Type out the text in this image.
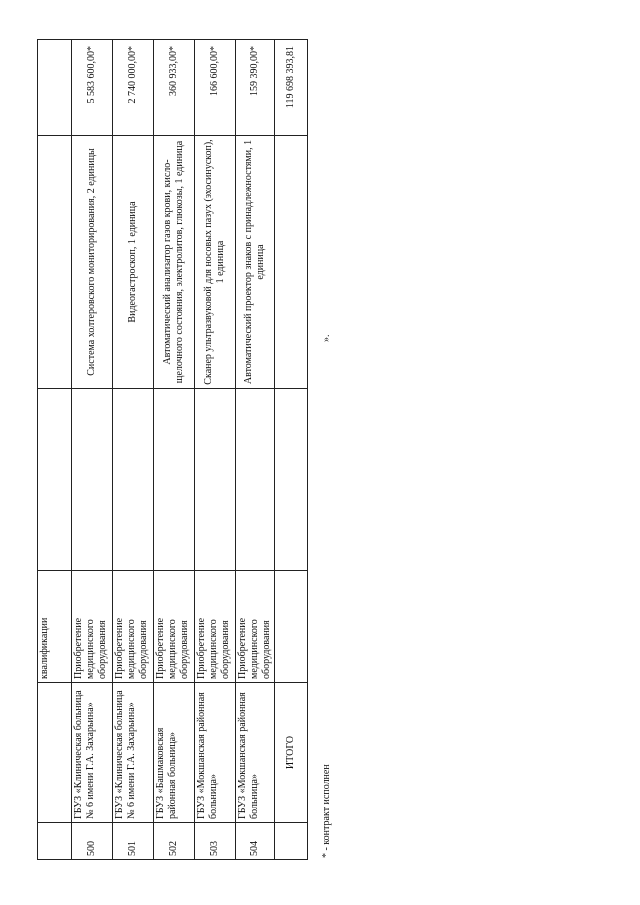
		квалификации			
500	ГБУЗ «Клиническая больница № 6 имени Г.А. Захарьина»	Приобретение медицинского оборудования		Система холтеровского мониторирования, 2 единицы	5 583 600,00*
501	ГБУЗ «Клиническая больница № 6 имени Г.А. Захарьина»	Приобретение медицинского оборудования		Видеогастроскоп, 1 единица	2 740 000,00*
502	ГБУЗ «Башмаковская районная больница»	Приобретение медицинского оборудования		Автоматический анализатор газов крови, кисло-щелочного состояния, электролитов, глюкозы, 1 единица	360 933,00*
503	ГБУЗ «Мокшанская районная больница»	Приобретение медицинского оборудования		Сканер ультразвуковой для носовых пазух (эхосинускоп), 1 единица	166 600,00*
504	ГБУЗ «Мокшанская районная больница»	Приобретение медицинского оборудования		Автоматический проектор знаков с принадлежностями, 1 единица	159 390,00*
	ИТОГО				119 698 393,81
* - контракт исполнен
».
